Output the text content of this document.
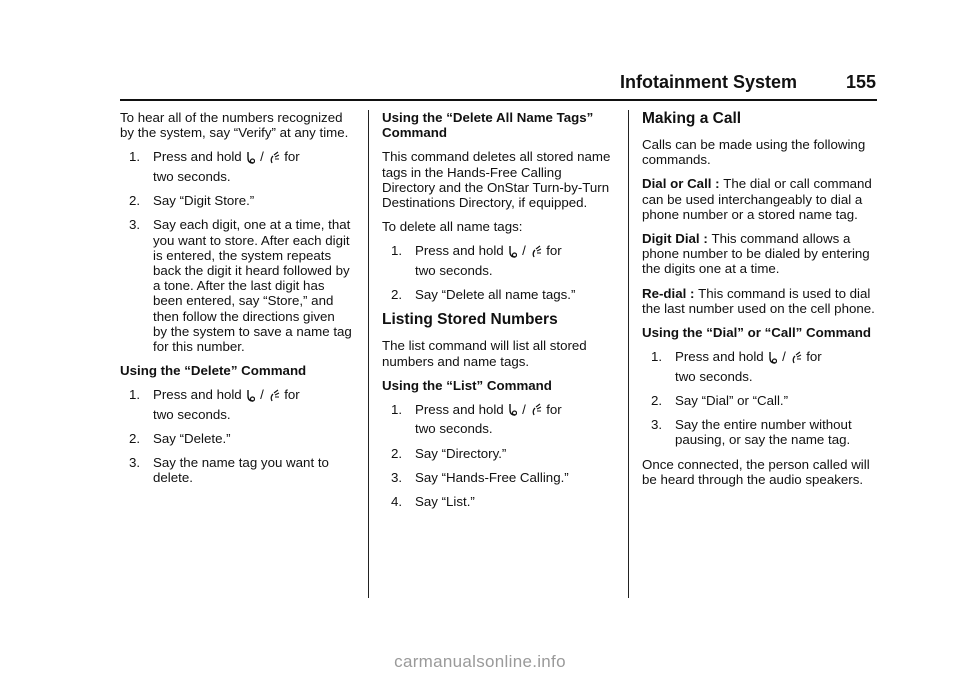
Infotainment System	155

To hear all of the numbers recognized by the system, say “Verify” at any time.

1. Press and hold  /  for
two seconds.
2. Say “Digit Store.”
3. Say each digit, one at a time, that you want to store. After each digit is entered, the system repeats back the digit it heard followed by a tone. After the last digit has been entered, say “Store,” and then follow the directions given by the system to save a name tag for this number.

Using the “Delete” Command

1. Press and hold  /  for
two seconds.
2. Say “Delete.”
3. Say the name tag you want to delete.

Using the “Delete All Name Tags” Command

This command deletes all stored name tags in the Hands-Free Calling Directory and the OnStar Turn-by-Turn Destinations Directory, if equipped.

To delete all name tags:

1. Press and hold  /  for
two seconds.
2. Say “Delete all name tags.”
Listing Stored Numbers

The list command will list all stored numbers and name tags.

Using the “List” Command

1. Press and hold  /  for
two seconds.
2. Say “Directory.”
3. Say “Hands-Free Calling.”
4. Say “List.”
Making a Call

Calls can be made using the following commands.

Dial or Call : The dial or call command can be used interchangeably to dial a phone number or a stored name tag.

Digit Dial : This command allows a phone number to be dialed by entering the digits one at a time.

Re-dial : This command is used to dial the last number used on the cell phone.

Using the “Dial” or “Call” Command

1. Press and hold  /  for
two seconds.
2. Say “Dial” or “Call.”
3. Say the entire number without pausing, or say the name tag.

Once connected, the person called will be heard through the audio speakers.

carmanualsonline.info
